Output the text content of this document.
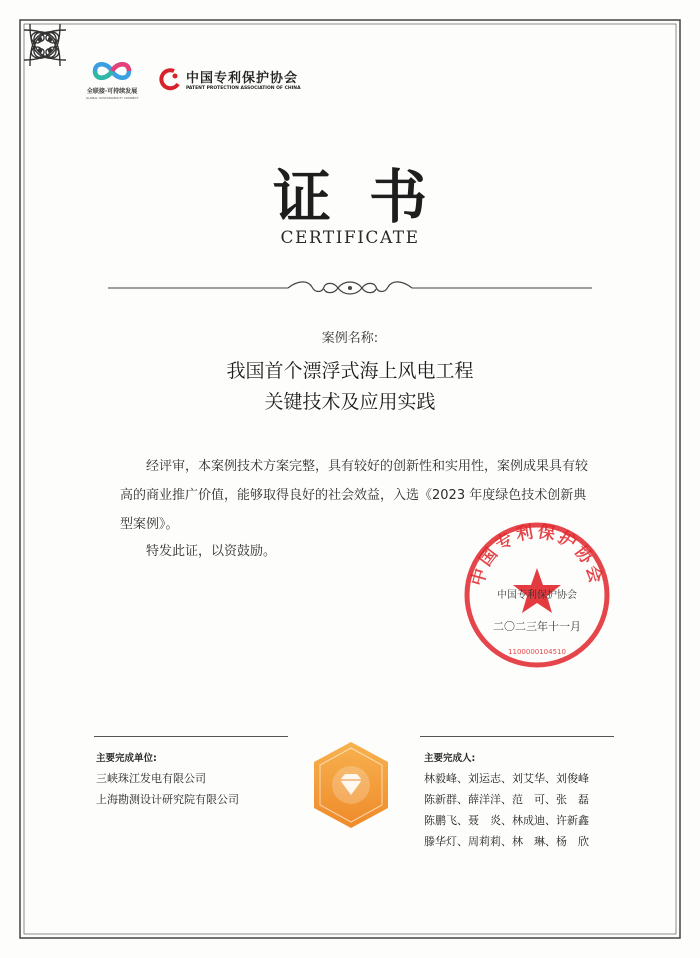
全联接·可持续发展
GLOBAL SUSTAINABILITY CONNECT
中国专利保护协会
PATENT PROTECTION ASSOCIATION OF CHINA
证书
CERTIFICATE
案例名称:
我国首个漂浮式海上风电工程
关键技术及应用实践

经评审，本案例技术方案完整，具有较好的创新性和实用性，案例成果具有较高的商业推广价值，能够取得良好的社会效益，入选《2023 年度绿色技术创新典型案例》。

特发此证，以资鼓励。
中国专利保护协会
中国专利保护协会
二〇二三年十一月
1100000104510
主要完成单位:
三峡珠江发电有限公司
上海勘测设计研究院有限公司
主要完成人:
林毅峰、刘运志、刘艾华、刘俊峰
陈新群、薛洋洋、范　可、张　磊
陈鹏飞、聂　炎、林成迪、许新鑫
滕华灯、周莉莉、林　琳、杨　欣
